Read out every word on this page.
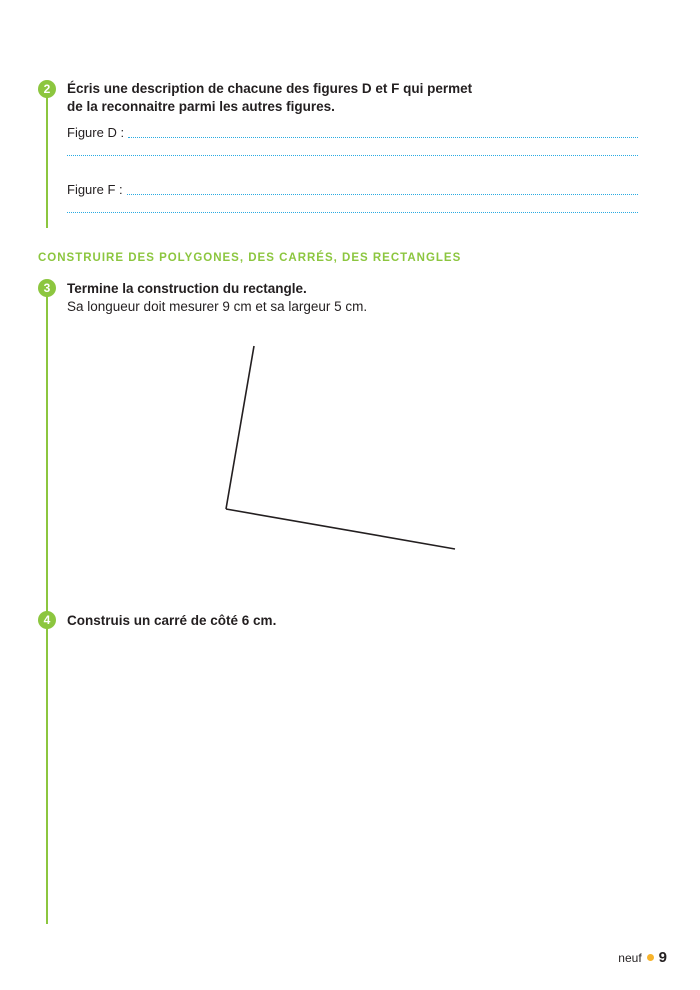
2	Écris une description de chacune des figures D et F qui permet
de la reconnaitre parmi les autres figures.
Figure D :
Figure F :
CONSTRUIRE DES POLYGONES, DES CARRÉS, DES RECTANGLES
3	Termine la construction du rectangle.
Sa longueur doit mesurer 9 cm et sa largeur 5 cm.
4	Construis un carré de côté 6 cm.
neuf 9
